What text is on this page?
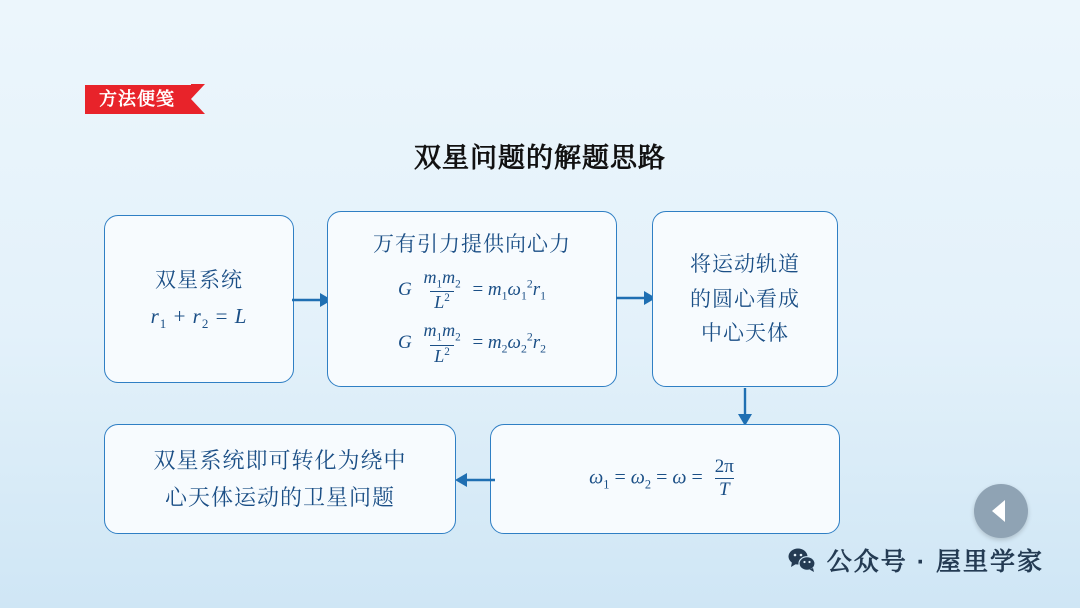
方法便笺
双星问题的解题思路
双星系统
$r_1 + r_2 = L$
万有引力提供向心力
G $\frac{m_1m_2}{L^2} = m_1\omega_1^2r_1$
G $\frac{m_1m_2}{L^2} = m_2\omega_2^2r_2$
将运动轨道
的圆心看成
中心天体
$\omega_1 = \omega_2 = \omega = \frac{2\pi}{T}$
双星系统即可转化为绕中
心天体运动的卫星问题
公众号 · 屋里学家
